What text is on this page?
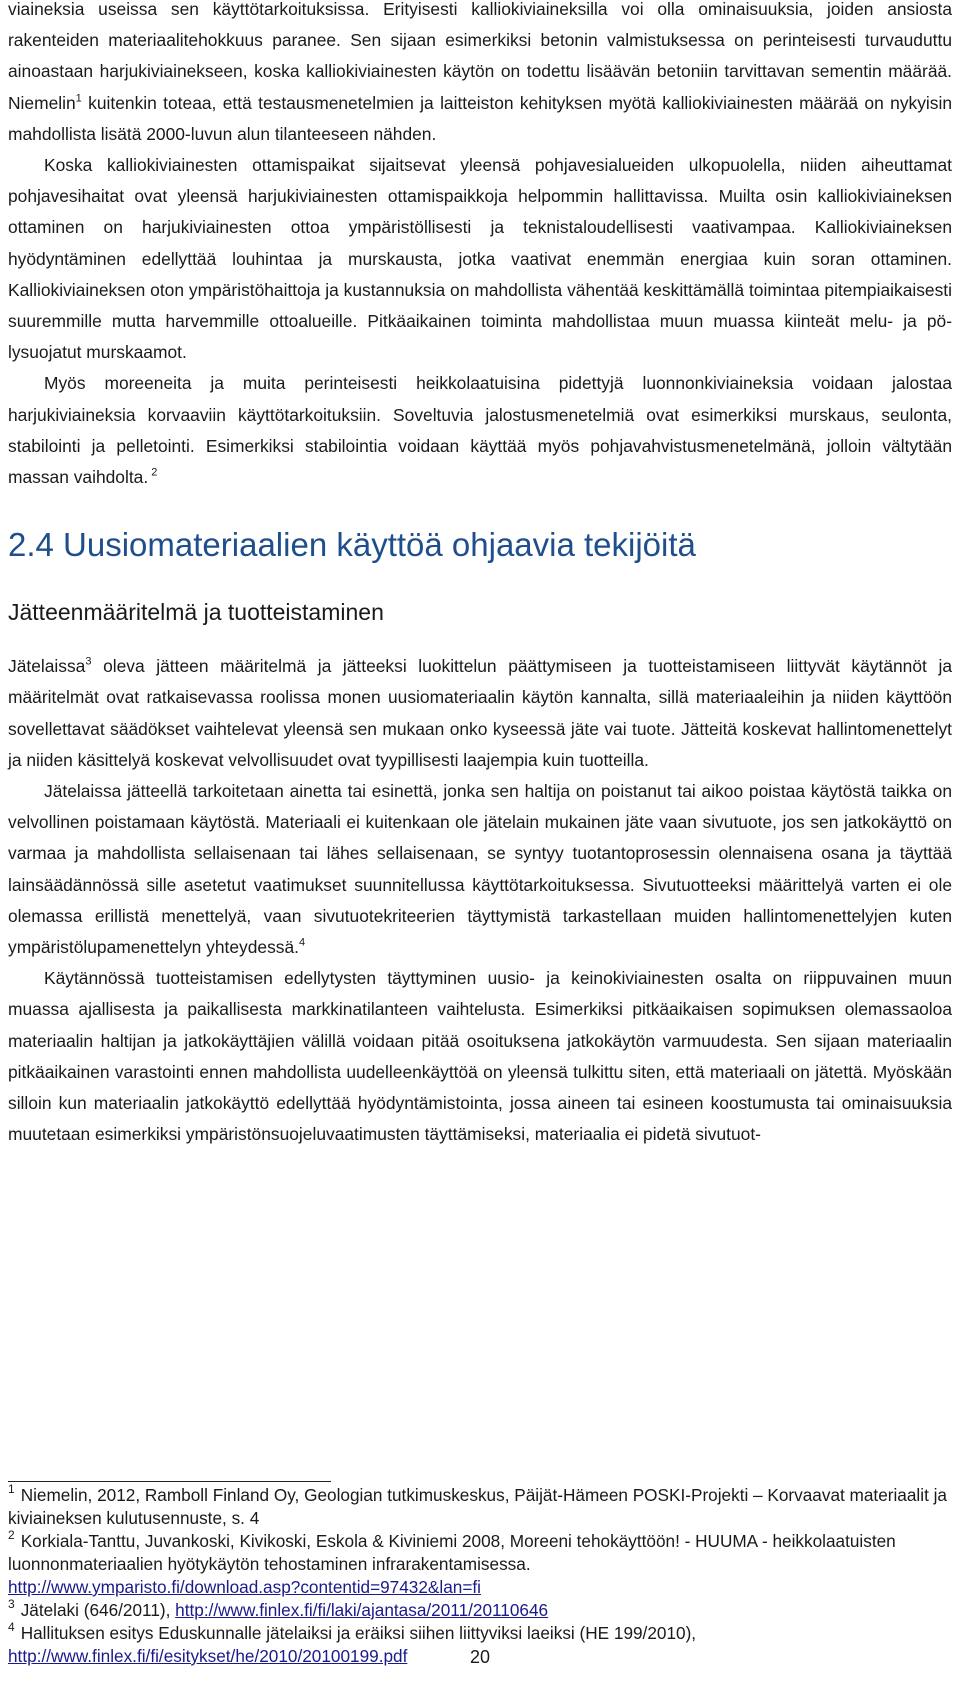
viaineksia useissa sen käyttötarkoituksissa. Erityisesti kalliokiviaineksilla voi olla ominaisuuksia, joiden ansiosta rakenteiden materiaalitehokkuus paranee. Sen sijaan esimerkiksi betonin valmistuksessa on perinteisesti turvauduttu ainoastaan harjukiviainekseen, koska kalliokiviainesten käytön on todettu lisäävän betoniin tarvittavan sementin määrää. Niemelin$^1$ kuitenkin toteaa, että testausmenetelmien ja laitteiston kehityksen myötä kalliokiviainesten määrää on nykyisin mahdollista lisätä 2000-luvun alun tilanteeseen nähden.

Koska kalliokiviainesten ottamispaikat sijaitsevat yleensä pohjavesialueiden ulkopuolella, niiden aiheuttamat pohjavesihaitat ovat yleensä harjukiviainesten ottamispaikkoja helpommin hallittavissa. Muilta osin kalliokiviaineksen ottaminen on harjukiviainesten ottoa ympäristöllisesti ja teknistaloudellisesti vaativampaa. Kalliokiviaineksen hyödyntäminen edellyttää louhintaa ja murskausta, jotka vaativat enemmän energiaa kuin soran ottaminen. Kalliokiviaineksen oton ympäristöhaittoja ja kustannuksia on mahdollista vähentää keskittämällä toimintaa pitempiaikaisesti suuremmille mutta harvemmille ottoalueille. Pitkäaikainen toiminta mahdollistaa muun muassa kiinteät melu- ja pölysuojatut murskaamot.

Myös moreeneita ja muita perinteisesti heikkolaatuisina pidettyjä luonnonkiviaineksia voidaan jalostaa harjukiviaineksia korvaaviin käyttötarkoituksiin. Soveltuvia jalostusmenetelmiä ovat esimerkiksi murskaus, seulonta, stabilointi ja pelletointi. Esimerkiksi stabilointia voidaan käyttää myös pohjavahvistusmenetelmänä, jolloin vältytään massan vaihdolta. $^2$

2.4 Uusiomateriaalien käyttöä ohjaavia tekijöitä
Jätteenmääritelmä ja tuotteistaminen

Jätelaissa$^3$ oleva jätteen määritelmä ja jätteeksi luokittelun päättymiseen ja tuotteistamiseen liittyvät käytännöt ja määritelmät ovat ratkaisevassa roolissa monen uusiomateriaalin käytön kannalta, sillä materiaaleihin ja niiden käyttöön sovellettavat säädökset vaihtelevat yleensä sen mukaan onko kyseessä jäte vai tuote. Jätteitä koskevat hallintomenettelyt ja niiden käsittelyä koskevat velvollisuudet ovat tyypillisesti laajempia kuin tuotteilla.

Jätelaissa jätteellä tarkoitetaan ainetta tai esinettä, jonka sen haltija on poistanut tai aikoo poistaa käytöstä taikka on velvollinen poistamaan käytöstä. Materiaali ei kuitenkaan ole jätelain mukainen jäte vaan sivutuote, jos sen jatkokäyttö on varmaa ja mahdollista sellaisenaan tai lähes sellaisenaan, se syntyy tuotantoprosessin olennaisena osana ja täyttää lainsäädännössä sille asetetut vaatimukset suunnitellussa käyttötarkoituksessa. Sivutuotteeksi määrittelyä varten ei ole olemassa erillistä menettelyä, vaan sivutuotekriteerien täyttymistä tarkastellaan muiden hallintomenettelyjen kuten ympäristölupamenettelyn yhteydessä.$^4$

Käytännössä tuotteistamisen edellytysten täyttyminen uusio- ja keinokiviainesten osalta on riippuvainen muun muassa ajallisesta ja paikallisesta markkinatilanteen vaihtelusta. Esimerkiksi pitkäaikaisen sopimuksen olemassaoloa materiaalin haltijan ja jatkokäyttäjien välillä voidaan pitää osoituksena jatkokäytön varmuudesta. Sen sijaan materiaalin pitkäaikainen varastointi ennen mahdollista uudelleenkäyttöä on yleensä tulkittu siten, että materiaali on jätettä. Myöskään silloin kun materiaalin jatkokäyttö edellyttää hyödyntämistointa, jossa aineen tai esineen koostumusta tai ominaisuuksia muutetaan esimerkiksi ympäristönsuojeluvaatimusten täyttämiseksi, materiaalia ei pidetä sivutuot-

$^1$ Niemelin, 2012, Ramboll Finland Oy, Geologian tutkimuskeskus, Päijät-Hämeen POSKI-Projekti – Korvaavat materiaalit ja kiviaineksen kulutusennuste, s. 4

$^2$ Korkiala-Tanttu, Juvankoski, Kivikoski, Eskola & Kiviniemi 2008, Moreeni tehokäyttöön! - HUUMA - heikkolaatuisten luonnonmateriaalien hyötykäytön tehostaminen infrarakentamisessa.
http://www.ymparisto.fi/download.asp?contentid=97432&lan=fi

$^3$ Jätelaki (646/2011), http://www.finlex.fi/fi/laki/ajantasa/2011/20110646

$^4$ Hallituksen esitys Eduskunnalle jätelaiksi ja eräiksi siihen liittyviksi laeiksi (HE 199/2010),
http://www.finlex.fi/fi/esitykset/he/2010/20100199.pdf	20
